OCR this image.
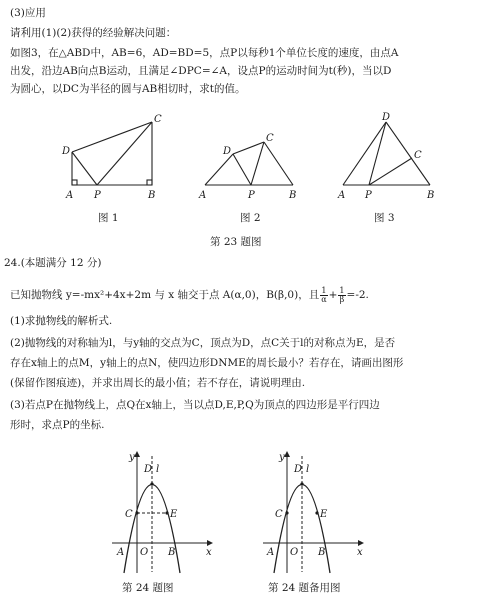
(3)应用
请利用(1)(2)获得的经验解决问题：
如图3，在△ABD中，AB=6，AD=BD=5，点P以每秒1个单位长度的速度，由点A
出发，沿边AB向点B运动，且满足∠DPC=∠A，设点P的运动时间为t(秒)，当以D
为圆心，以DC为半径的圆与AB相切时，求t的值。
C
D
A P	B
C
D
A	P	B
D
C
A P	B
图 1	图 2	图 3
第 23 题图
24.(本题满分 12 分)
已知抛物线 y=-mx²+4x+2m 与 x 轴交于点 A(α,0)，B(β,0)，且 $\frac{1}{\alpha} + \frac{1}{\beta} =-2$.
(1)求抛物线的解析式.
(2)抛物线的对称轴为l，与y轴的交点为C，顶点为D，点C关于l的对称点为E，是否
存在x轴上的点M，y轴上的点N，使四边形DNME的周长最小？若存在，请画出图形
(保留作图痕迹)，并求出周长的最小值；若不存在，请说明理由.
(3)若点P在抛物线上，点Q在x轴上，当以点D,E,P,Q为顶点的四边形是平行四边
形时，求点P的坐标.
y
D l
C	E
A O B	x
y
D l
C	E
A O B	x
第 24 题图	第 24 题备用图
